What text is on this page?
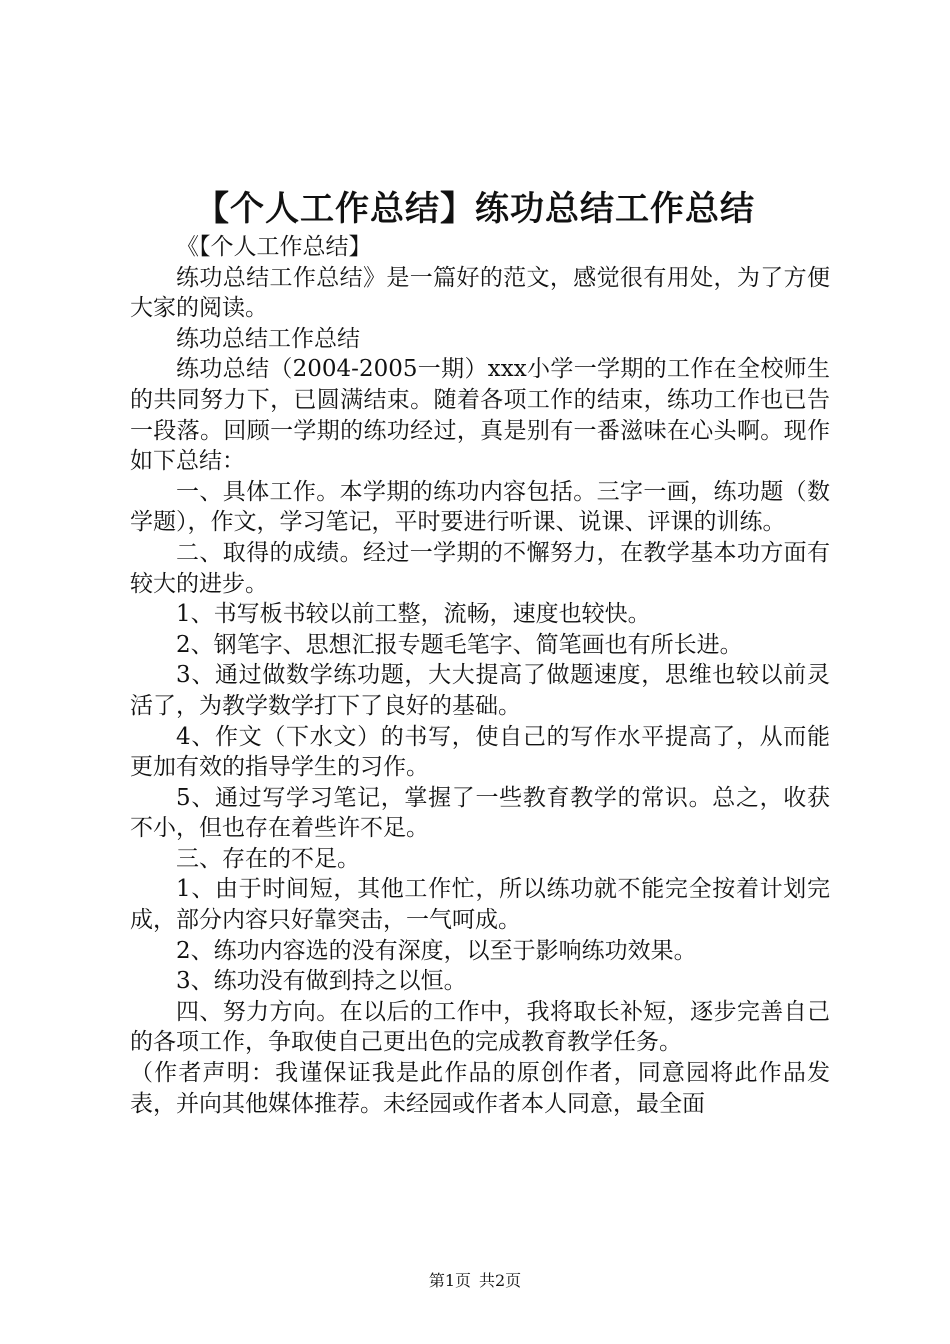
【个人工作总结】练功总结工作总结

《【个人工作总结】

练功总结工作总结》是一篇好的范文，感觉很有用处，为了方便大家的阅读。

练功总结工作总结

练功总结（2004-2005一期）xxx小学一学期的工作在全校师生的共同努力下，已圆满结束。随着各项工作的结束，练功工作也已告一段落。回顾一学期的练功经过，真是别有一番滋味在心头啊。现作如下总结：

一、具体工作。本学期的练功内容包括。三字一画，练功题（数学题），作文，学习笔记，平时要进行听课、说课、评课的训练。

二、取得的成绩。经过一学期的不懈努力，在教学基本功方面有较大的进步。

1、书写板书较以前工整，流畅，速度也较快。

2、钢笔字、思想汇报专题毛笔字、简笔画也有所长进。

3、通过做数学练功题，大大提高了做题速度，思维也较以前灵活了，为教学数学打下了良好的基础。

4、作文（下水文）的书写，使自己的写作水平提高了，从而能更加有效的指导学生的习作。

5、通过写学习笔记，掌握了一些教育教学的常识。总之，收获不小，但也存在着些许不足。

三、存在的不足。

1、由于时间短，其他工作忙，所以练功就不能完全按着计划完成，部分内容只好靠突击，一气呵成。

2、练功内容选的没有深度，以至于影响练功效果。

3、练功没有做到持之以恒。

四、努力方向。在以后的工作中，我将取长补短，逐步完善自己的各项工作，争取使自己更出色的完成教育教学任务。

（作者声明：我谨保证我是此作品的原创作者，同意园将此作品发表，并向其他媒体推荐。未经园或作者本人同意，最全面

第1页 共2页
